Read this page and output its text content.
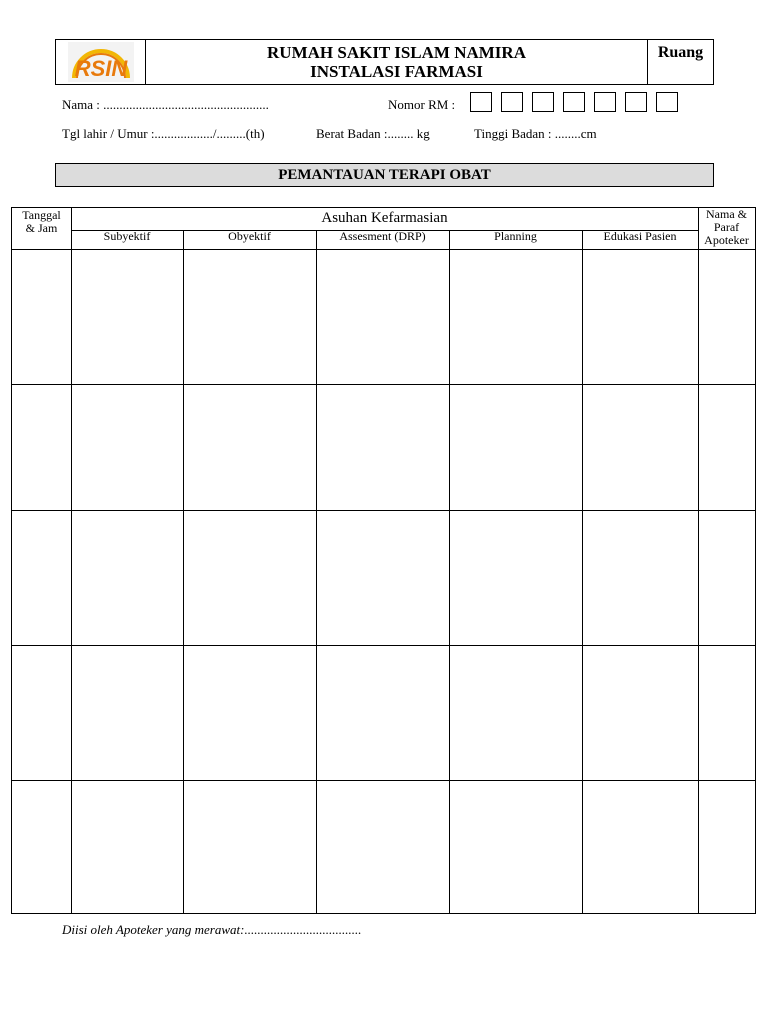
RSIN
RUMAH SAKIT ISLAM NAMIRA
INSTALASI FARMASI
Ruang
Nama : ...................................................	Nomor RM :
Tgl lahir / Umur :................../.........(th)	Berat Badan :........ kg	Tinggi Badan : ........cm
PEMANTAUAN TERAPI OBAT
Tanggal
& Jam
Asuhan Kefarmasian
Subyektif	Obyektif	Assesment (DRP)	Planning	Edukasi Pasien
Nama &
Paraf
Apoteker
Diisi oleh Apoteker yang merawat:....................................
